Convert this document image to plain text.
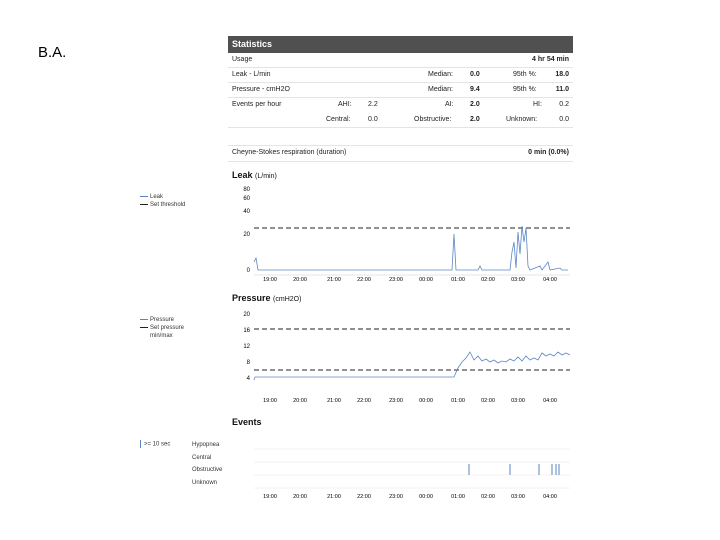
B.A.	Statistics
Usage	4 hr 54 min
Leak - L/min	Median: 0.0	95th %:	18.0
Pressure - cmH2O	Median: 9.4	95th %:	11.0
Events per hour	AHI: 2.2	AI: 2.0	HI: 0.2
Central: 0.0	Obstructive:	2.0	Unknown:	0.0
Cheyne-Stokes respiration (duration)	0 min (0.0%)
Leak (L/min)
Leak
Set threshold
80
60
40
20
0
19:00	20:00	21:00	22:00	23:00	00:00	01:00	02:00	03:00	04:00
Pressure (cmH2O)
Pressure
Set pressure
min/max
20
16
12
8
4
19:00	20:00	21:00	22:00	23:00	00:00	01:00	02:00	03:00	04:00
Events
>= 10 sec	Hypopnea
Central
Obstructive
Unknown
19:00	20:00	21:00	22:00	23:00	00:00	01:00	02:00	03:00	04:00
